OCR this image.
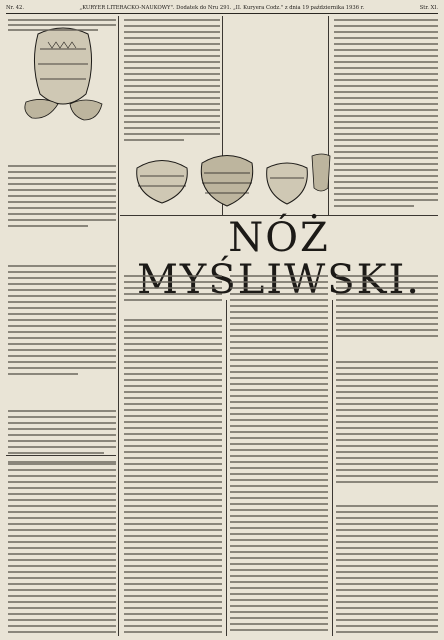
Nr. 42.	„KURYER LITERACKO-NAUKOWY". Dodatek do Nru 291. „II. Kuryera Codz." z dnia 19 października 1936 r.	Str. XI.
NÓŻ MYŚLIWSKI.
